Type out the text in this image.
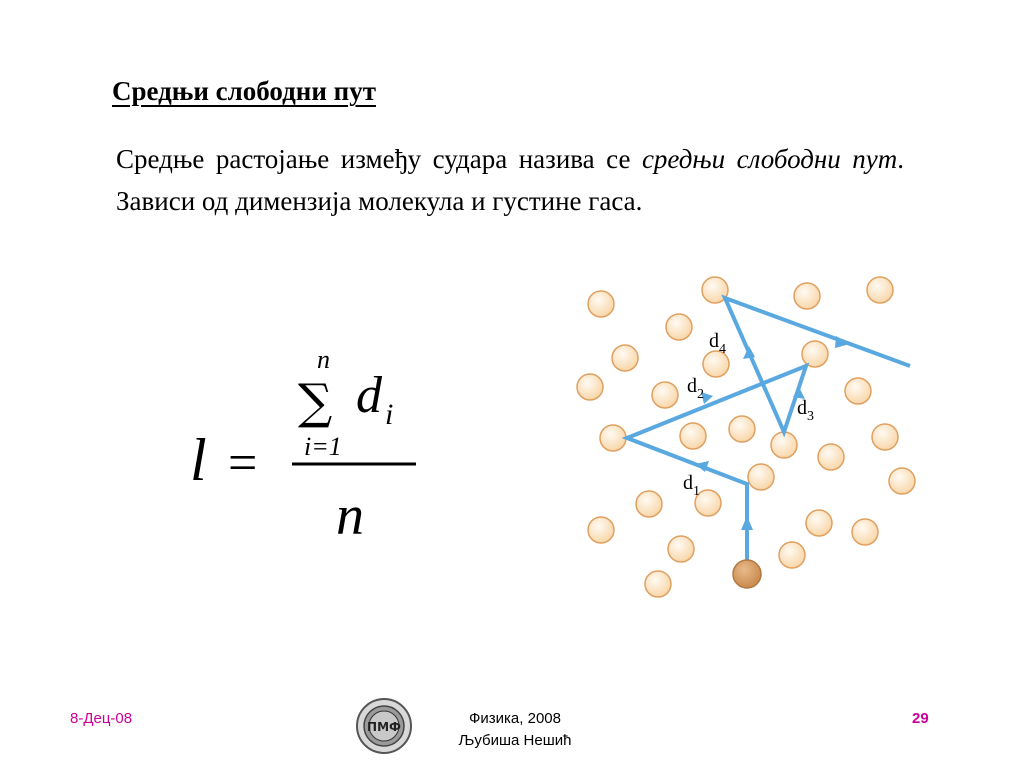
Средњи слободни пут
Средње растојање између судара назива се средњи слободни пут. Зависи од димензија молекула и густине гаса.
l =
n
∑ d i
i=1
n
$d_4$
$d_2$
$d_3$
$d_1$
8-Дец-08	ПМФ	Физика, 2008
Љубиша Нешић
29
